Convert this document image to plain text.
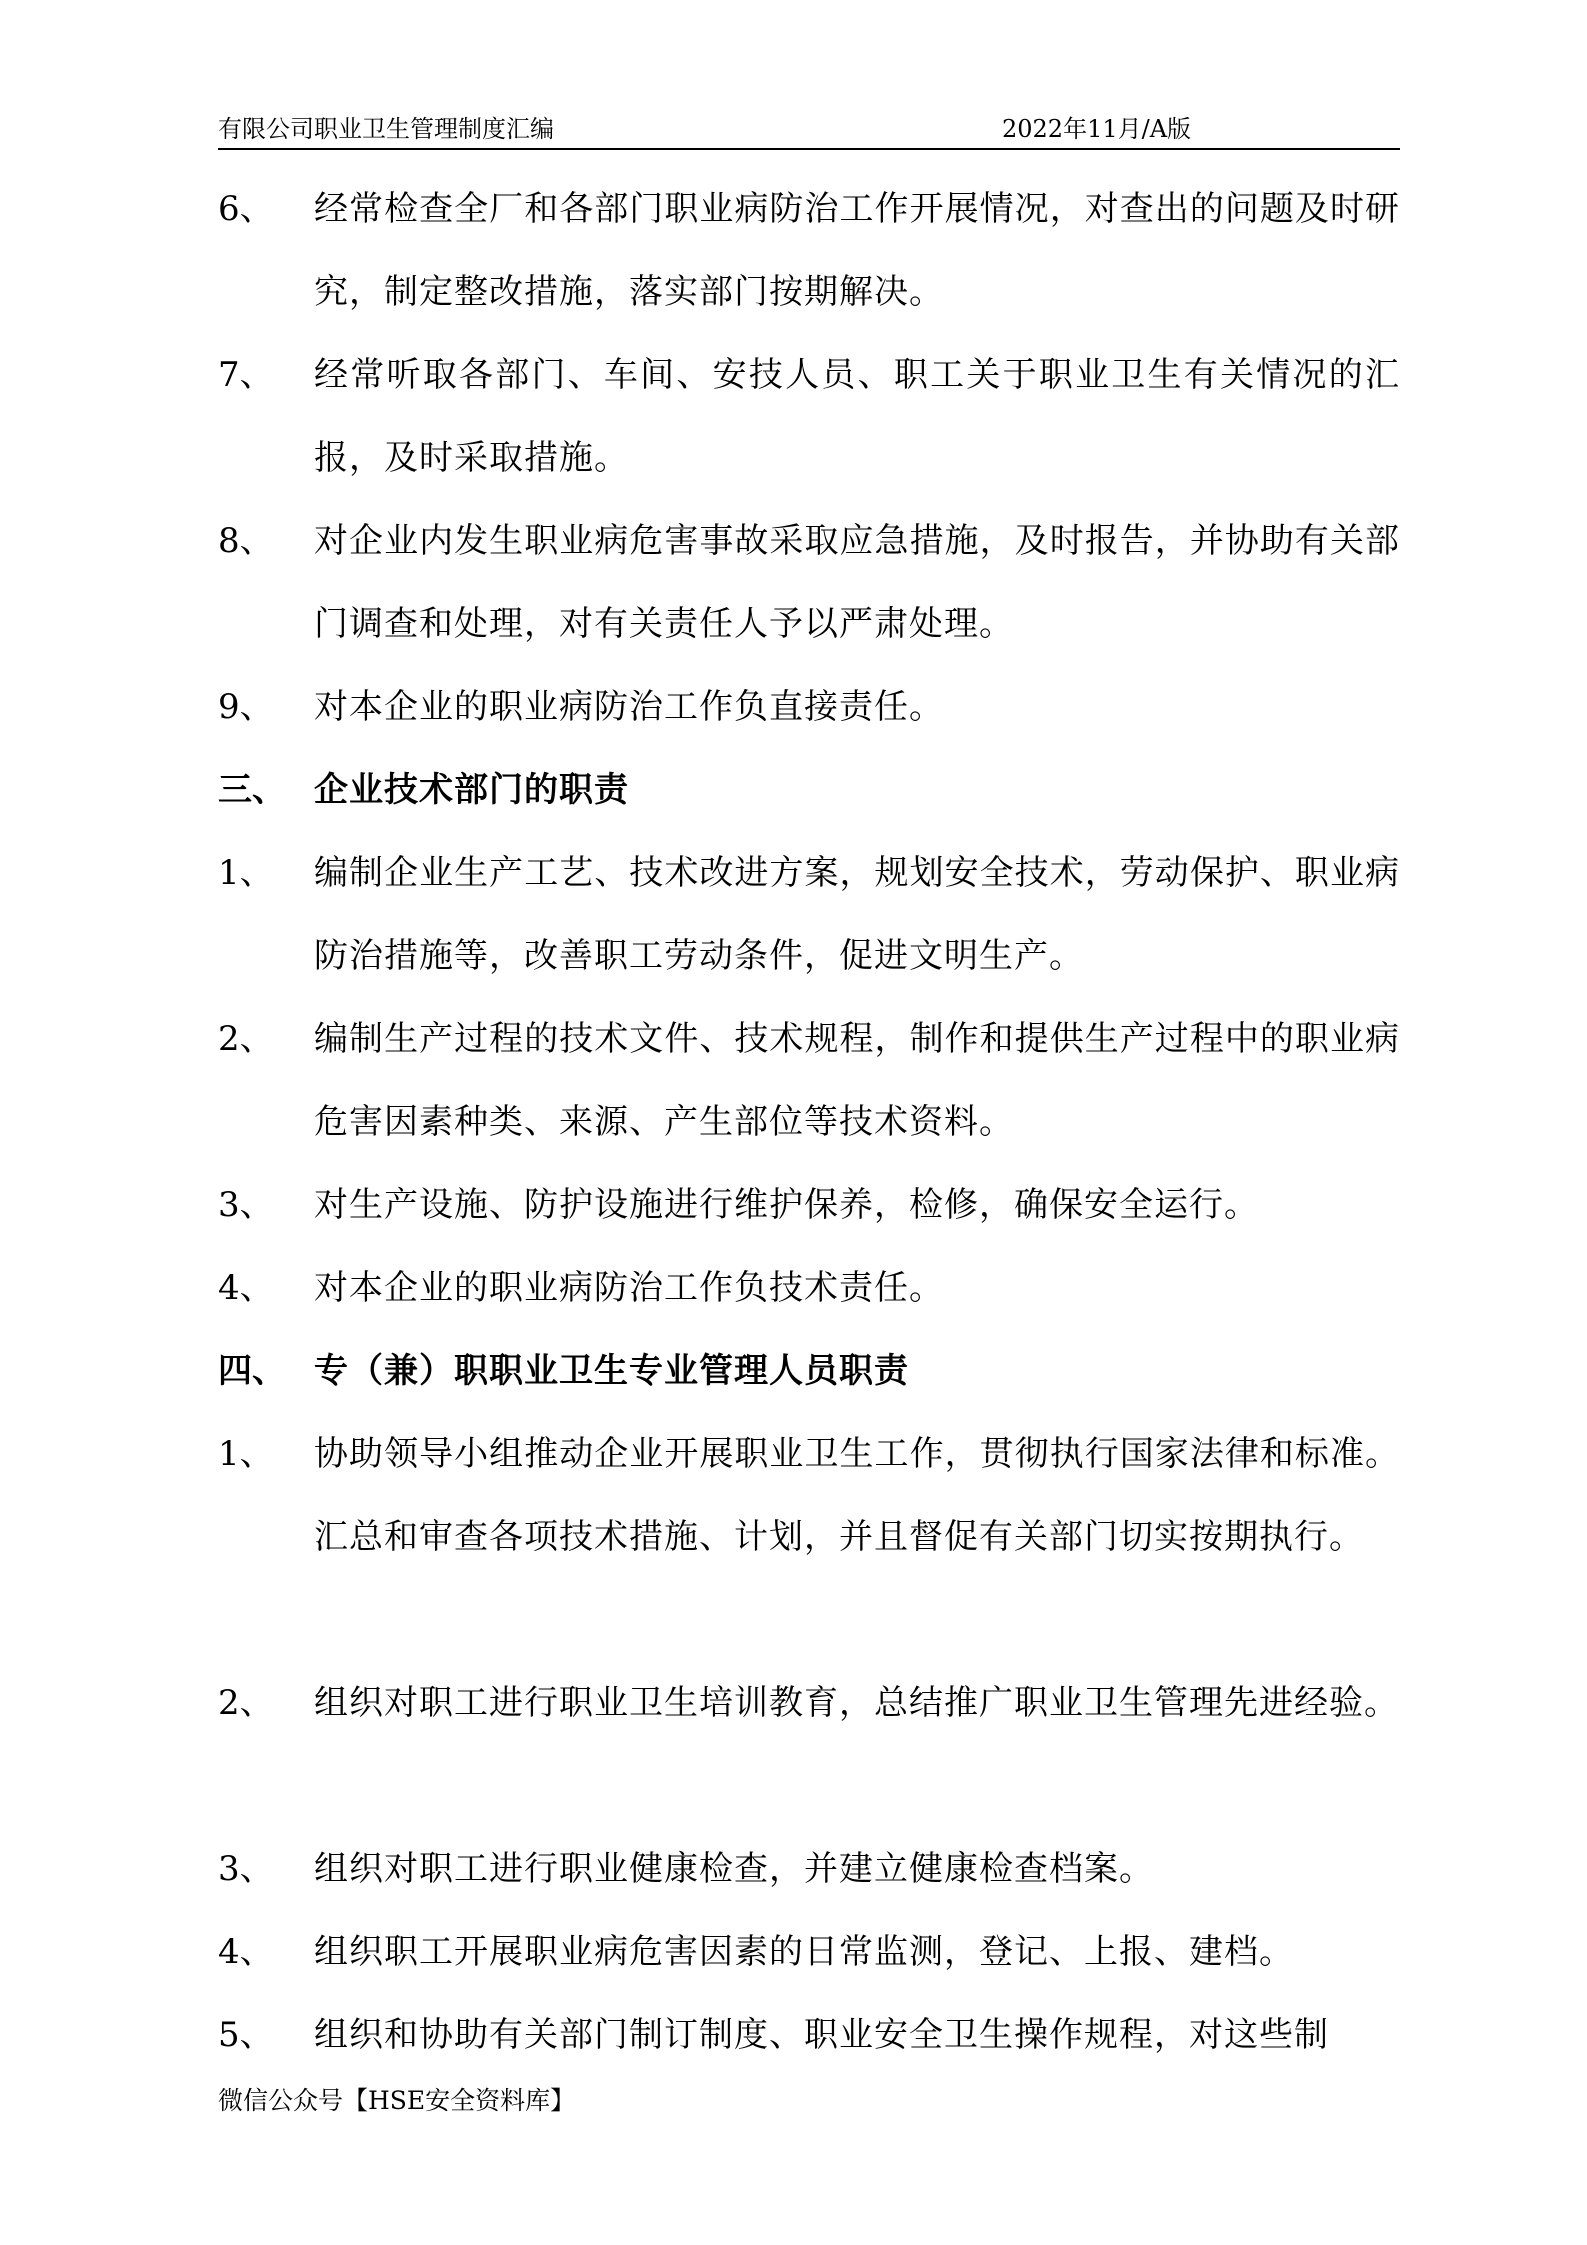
有限公司职业卫生管理制度汇编	2022年11月/A版
6、 经常检查全厂和各部门职业病防治工作开展情况，对查出的问题及时研究，制定整改措施，落实部门按期解决。
7、 经常听取各部门、车间、安技人员、职工关于职业卫生有关情况的汇报，及时采取措施。
8、 对企业内发生职业病危害事故采取应急措施，及时报告，并协助有关部门调查和处理，对有关责任人予以严肃处理。
9、 对本企业的职业病防治工作负直接责任。
三、 企业技术部门的职责
1、 编制企业生产工艺、技术改进方案，规划安全技术，劳动保护、职业病防治措施等，改善职工劳动条件，促进文明生产。
2、 编制生产过程的技术文件、技术规程，制作和提供生产过程中的职业病危害因素种类、来源、产生部位等技术资料。
3、 对生产设施、防护设施进行维护保养，检修，确保安全运行。
4、 对本企业的职业病防治工作负技术责任。
四、 专（兼）职职业卫生专业管理人员职责
1、 协助领导小组推动企业开展职业卫生工作，贯彻执行国家法律和标准。汇总和审查各项技术措施、计划，并且督促有关部门切实按期执行。
2、 组织对职工进行职业卫生培训教育，总结推广职业卫生管理先进经验。
3、 组织对职工进行职业健康检查，并建立健康检查档案。
4、 组织职工开展职业病危害因素的日常监测，登记、上报、建档。
5、 组织和协助有关部门制订制度、职业安全卫生操作规程，对这些制
微信公众号【HSE安全资料库】
